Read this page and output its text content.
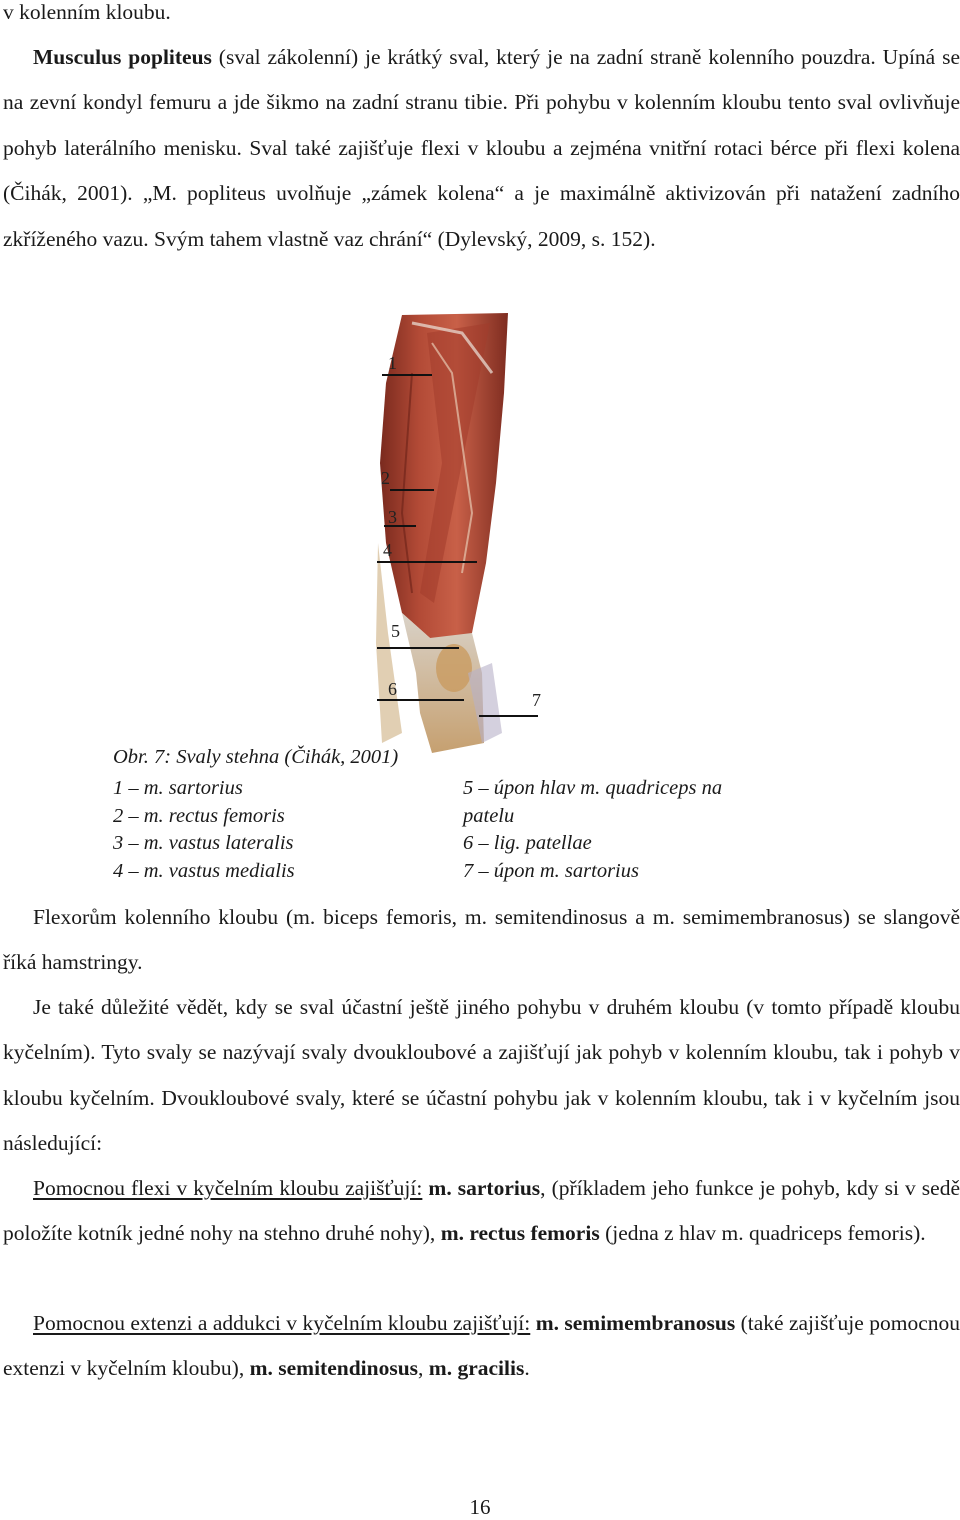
v kolenním kloubu.

Musculus popliteus (sval zákolenní) je krátký sval, který je na zadní straně kolenního pouzdra. Upíná se na zevní kondyl femuru a jde šikmo na zadní stranu tibie. Při pohybu v kolenním kloubu tento sval ovlivňuje pohyb laterálního menisku. Sval také zajišťuje flexi v kloubu a zejména vnitřní rotaci bérce při flexi kolena (Čihák, 2001). „M. popliteus uvolňuje „zámek kolena“ a je maximálně aktivizován při natažení zadního zkříženého vazu. Svým tahem vlastně vaz chrání“ (Dylevský, 2009, s. 152).

1
2
3
4
5
6
7
Obr. 7: Svaly stehna (Čihák, 2001)
1 – m. sartorius
2 – m. rectus femoris
3 – m. vastus lateralis
4 – m. vastus medialis
5 – úpon hlav m. quadriceps na
patelu
6 – lig. patellae
7 – úpon m. sartorius

Flexorům kolenního kloubu (m. biceps femoris, m. semitendinosus a m. semimembranosus) se slangově říká hamstringy.

Je také důležité vědět, kdy se sval účastní ještě jiného pohybu v druhém kloubu (v tomto případě kloubu kyčelním). Tyto svaly se nazývají svaly dvoukloubové a zajišťují jak pohyb v kolenním kloubu, tak i pohyb v kloubu kyčelním. Dvoukloubové svaly, které se účastní pohybu jak v kolenním kloubu, tak i v kyčelním jsou následující:

Pomocnou flexi v kyčelním kloubu zajišťují: m. sartorius, (příkladem jeho funkce je pohyb, kdy si v sedě položíte kotník jedné nohy na stehno druhé nohy), m. rectus femoris (jedna z hlav m. quadriceps femoris).

Pomocnou extenzi a addukci v kyčelním kloubu zajišťují: m. semimembranosus (také zajišťuje pomocnou extenzi v kyčelním kloubu), m. semitendinosus, m. gracilis.

16
